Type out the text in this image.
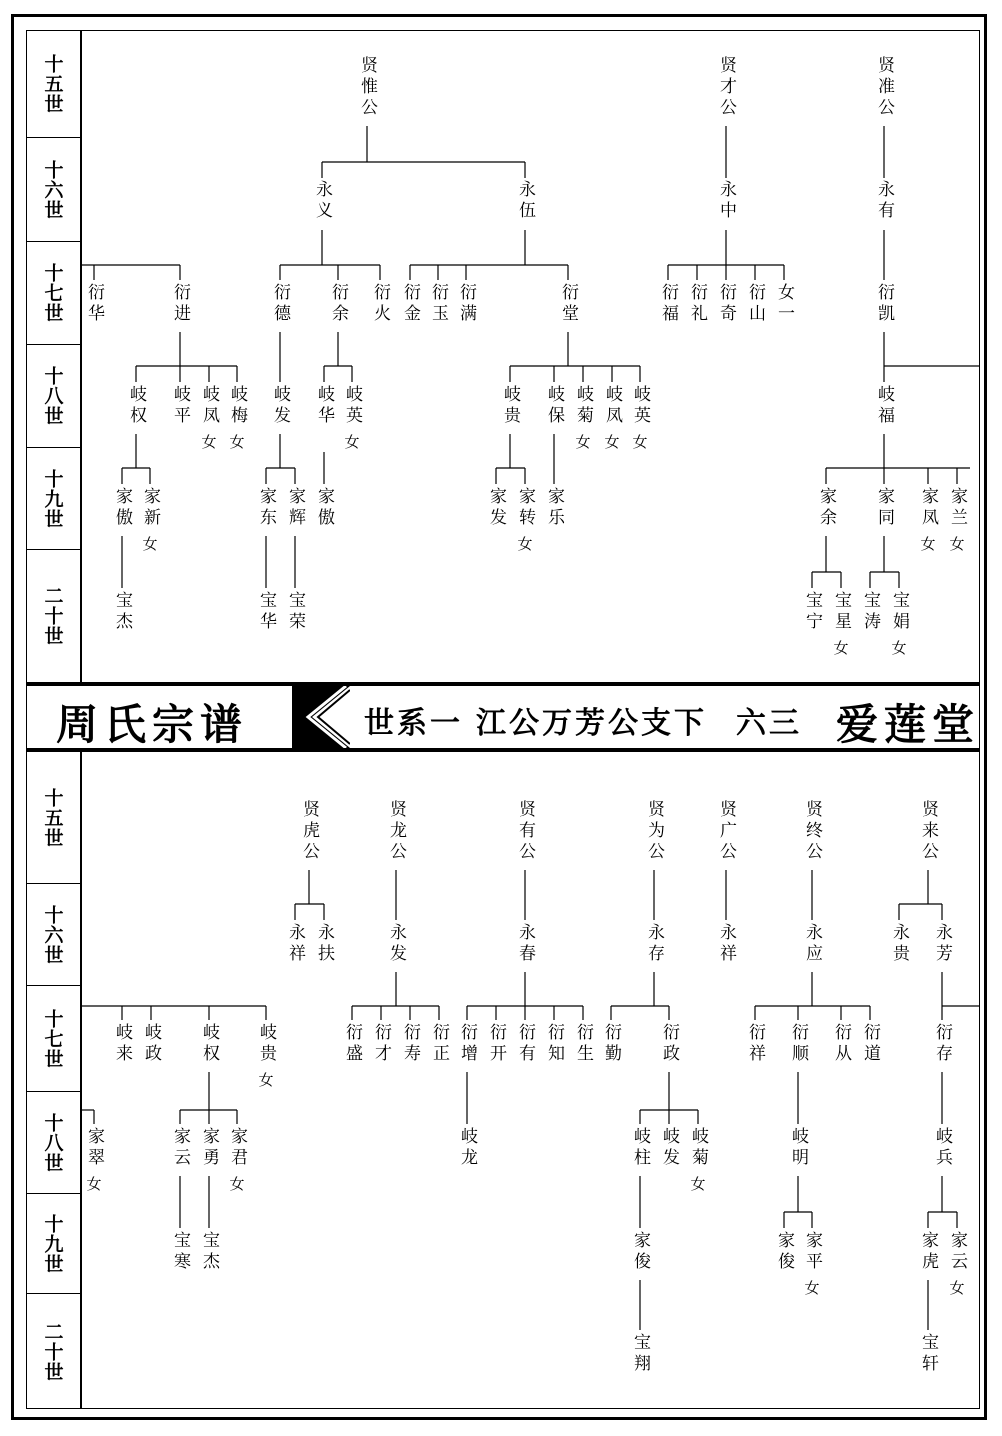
十五世
十六世
十七世
十八世
十九世
二十世
十五世
十六世
十七世
十八世
十九世
二十世
周氏宗谱	世系一 江公万芳公支下 六三 爱莲堂
贤惟公	贤才公	贤准公
永义	永伍	永中	永有
衍华	衍进	衍德 衍余 衍火 衍金 衍玉 衍满	衍堂	衍福 衍礼 衍奇 衍山 女一	衍凯
岐权 岐平 岐凤
女
岐梅
女
岐发 岐华 岐英
女
岐贵 岐保 岐菊
女
岐凤
女
岐英
女
岐福
家傲 家新
女
家东 家辉 家傲	家发 家转
女
家乐	家余 家同 家凤
女
家兰
女
宝杰	宝华 宝荣	宝宁 宝星
女
宝涛 宝娟
女
贤虎公	贤龙公	贤有公	贤为公	贤广公	贤终公	贤来公
永祥 永扶	永发	永春	永存	永祥	永应	永贵 永芳
岐来 岐政 岐权 岐贵
女
衍盛 衍才 衍寿 衍正 衍增 衍开 衍有 衍知 衍生 衍勤 衍政	衍祥 衍顺 衍从 衍道	衍存
家翠
女
家云 家勇 家君
女
岐龙	岐柱 岐发 岐菊
女
岐明	岐兵
宝寒 宝杰	家俊	家俊 家平
女
家虎 家云
女
宝翔	宝轩
